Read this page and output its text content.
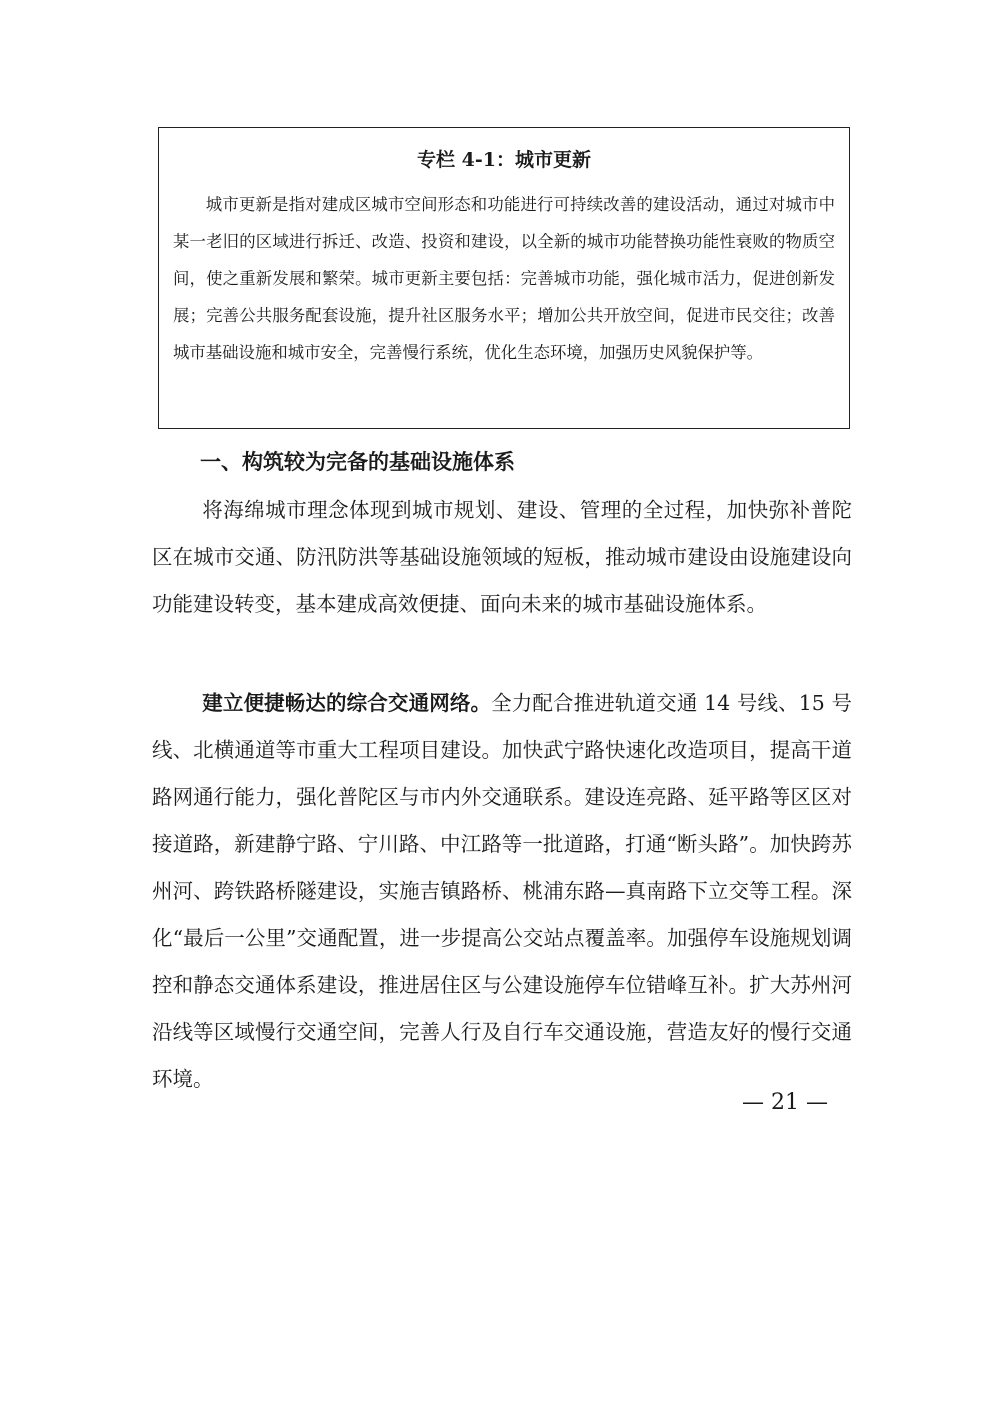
专栏 4-1：城市更新

城市更新是指对建成区城市空间形态和功能进行可持续改善的建设活动，通过对城市中某一老旧的区域进行拆迁、改造、投资和建设，以全新的城市功能替换功能性衰败的物质空间，使之重新发展和繁荣。城市更新主要包括：完善城市功能，强化城市活力，促进创新发展；完善公共服务配套设施，提升社区服务水平；增加公共开放空间，促进市民交往；改善城市基础设施和城市安全，完善慢行系统，优化生态环境，加强历史风貌保护等。

一、构筑较为完备的基础设施体系

将海绵城市理念体现到城市规划、建设、管理的全过程，加快弥补普陀区在城市交通、防汛防洪等基础设施领域的短板，推动城市建设由设施建设向功能建设转变，基本建成高效便捷、面向未来的城市基础设施体系。

建立便捷畅达的综合交通网络。全力配合推进轨道交通 14 号线、15 号线、北横通道等市重大工程项目建设。加快武宁路快速化改造项目，提高干道路网通行能力，强化普陀区与市内外交通联系。建设连亮路、延平路等区区对接道路，新建静宁路、宁川路、中江路等一批道路，打通“断头路”。加快跨苏州河、跨铁路桥隧建设，实施吉镇路桥、桃浦东路—真南路下立交等工程。深化“最后一公里”交通配置，进一步提高公交站点覆盖率。加强停车设施规划调控和静态交通体系建设，推进居住区与公建设施停车位错峰互补。扩大苏州河沿线等区域慢行交通空间，完善人行及自行车交通设施，营造友好的慢行交通环境。

— 21 —
